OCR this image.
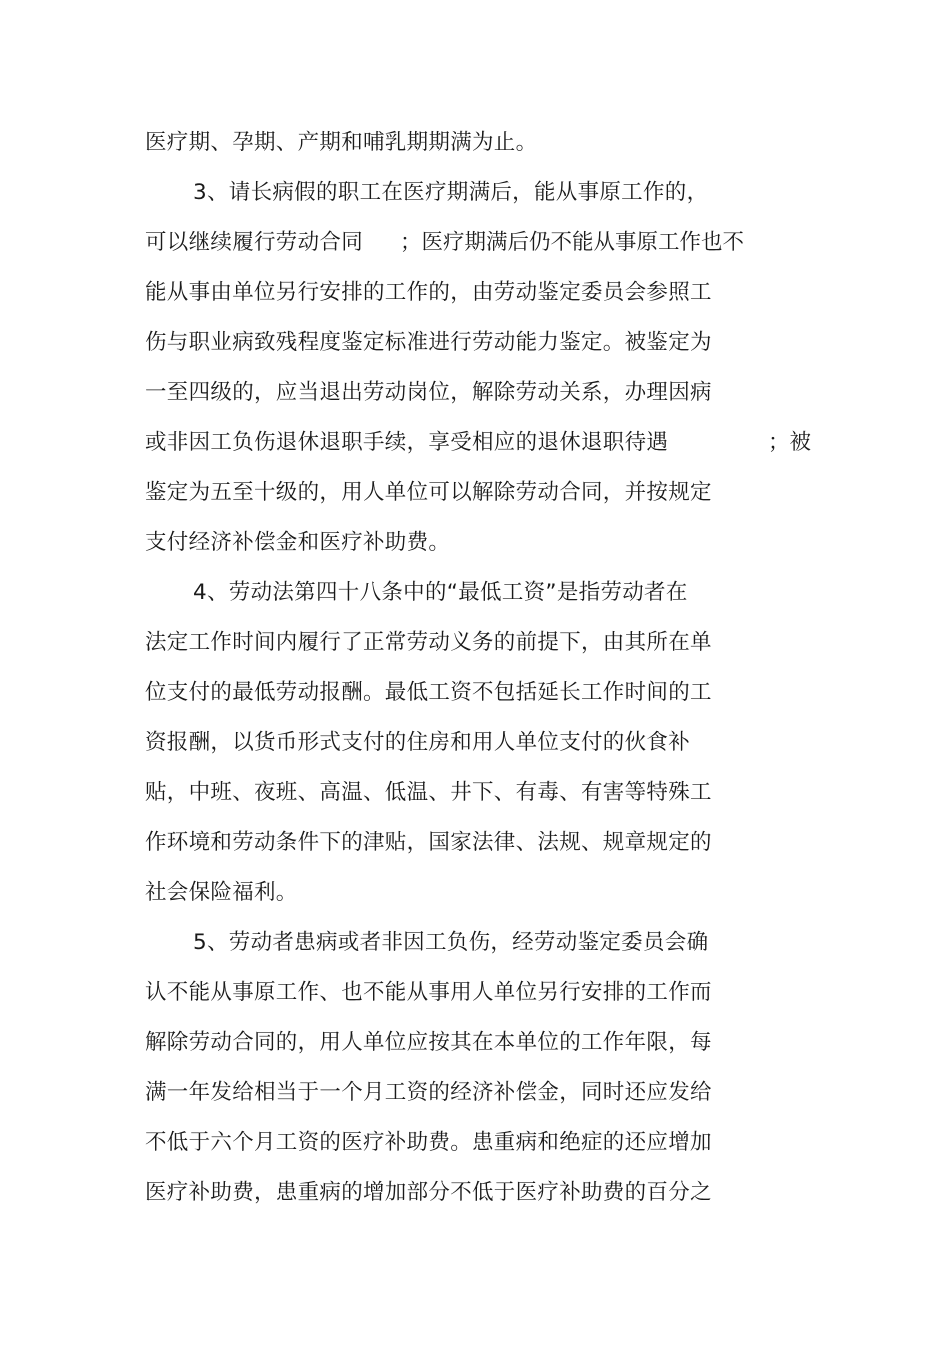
医疗期、孕期、产期和哺乳期期满为止。
3、请长病假的职工在医疗期满后，能从事原工作的，
可以继续履行劳动合同 ；医疗期满后仍不能从事原工作也不
能从事由单位另行安排的工作的，由劳动鉴定委员会参照工
伤与职业病致残程度鉴定标准进行劳动能力鉴定。被鉴定为
一至四级的，应当退出劳动岗位，解除劳动关系，办理因病
或非因工负伤退休退职手续，享受相应的退休退职待遇	；被
鉴定为五至十级的，用人单位可以解除劳动合同，并按规定
支付经济补偿金和医疗补助费。
4、劳动法第四十八条中的“最低工资”是指劳动者在
法定工作时间内履行了正常劳动义务的前提下，由其所在单
位支付的最低劳动报酬。最低工资不包括延长工作时间的工
资报酬，以货币形式支付的住房和用人单位支付的伙食补
贴，中班、夜班、高温、低温、井下、有毒、有害等特殊工
作环境和劳动条件下的津贴，国家法律、法规、规章规定的
社会保险福利。
5、劳动者患病或者非因工负伤，经劳动鉴定委员会确
认不能从事原工作、也不能从事用人单位另行安排的工作而
解除劳动合同的，用人单位应按其在本单位的工作年限，每
满一年发给相当于一个月工资的经济补偿金，同时还应发给
不低于六个月工资的医疗补助费。患重病和绝症的还应增加
医疗补助费，患重病的增加部分不低于医疗补助费的百分之
